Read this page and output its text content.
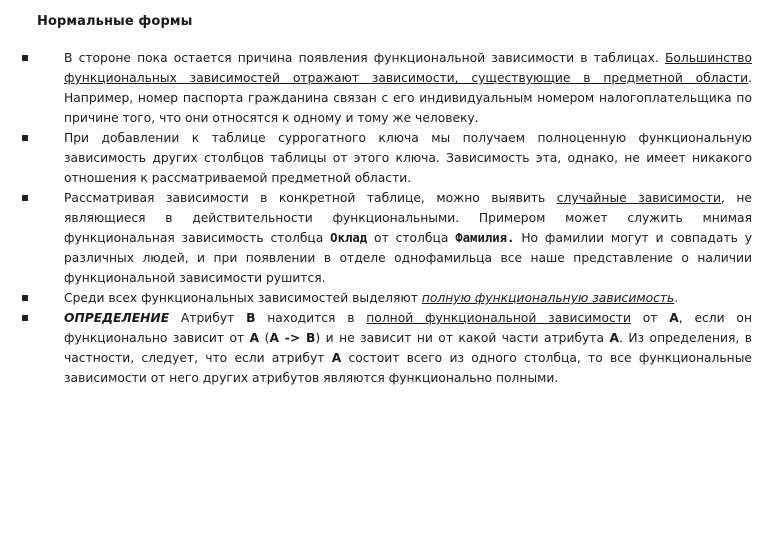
Нормальные формы
В стороне пока остается причина появления функциональной зависимости в таблицах. Большинство функциональных зависимостей отражают зависимости, существующие в предметной области. Например, номер паспорта гражданина связан с его индивидуальным номером налогоплательщика по причине того, что они относятся к одному и тому же человеку.
При добавлении к таблице суррогатного ключа мы получаем полноценную функциональную зависимость других столбцов таблицы от этого ключа. Зависимость эта, однако, не имеет никакого отношения к рассматриваемой предметной области.
Рассматривая зависимости в конкретной таблице, можно выявить случайные зависимости, не являющиеся в действительности функциональными. Примером может служить мнимая функциональная зависимость столбца Оклад от столбца Фамилия. Но фамилии могут и совпадать у различных людей, и при появлении в отделе однофамильца все наше представление о наличии функциональной зависимости рушится.
Среди всех функциональных зависимостей выделяют полную функциональную зависимость.
ОПРЕДЕЛЕНИЕ Атрибут B находится в полной функциональной зависимости от A, если он функционально зависит от A (A -> B) и не зависит ни от какой части атрибута A. Из определения, в частности, следует, что если атрибут A состоит всего из одного столбца, то все функциональные зависимости от него других атрибутов являются функционально полными.
